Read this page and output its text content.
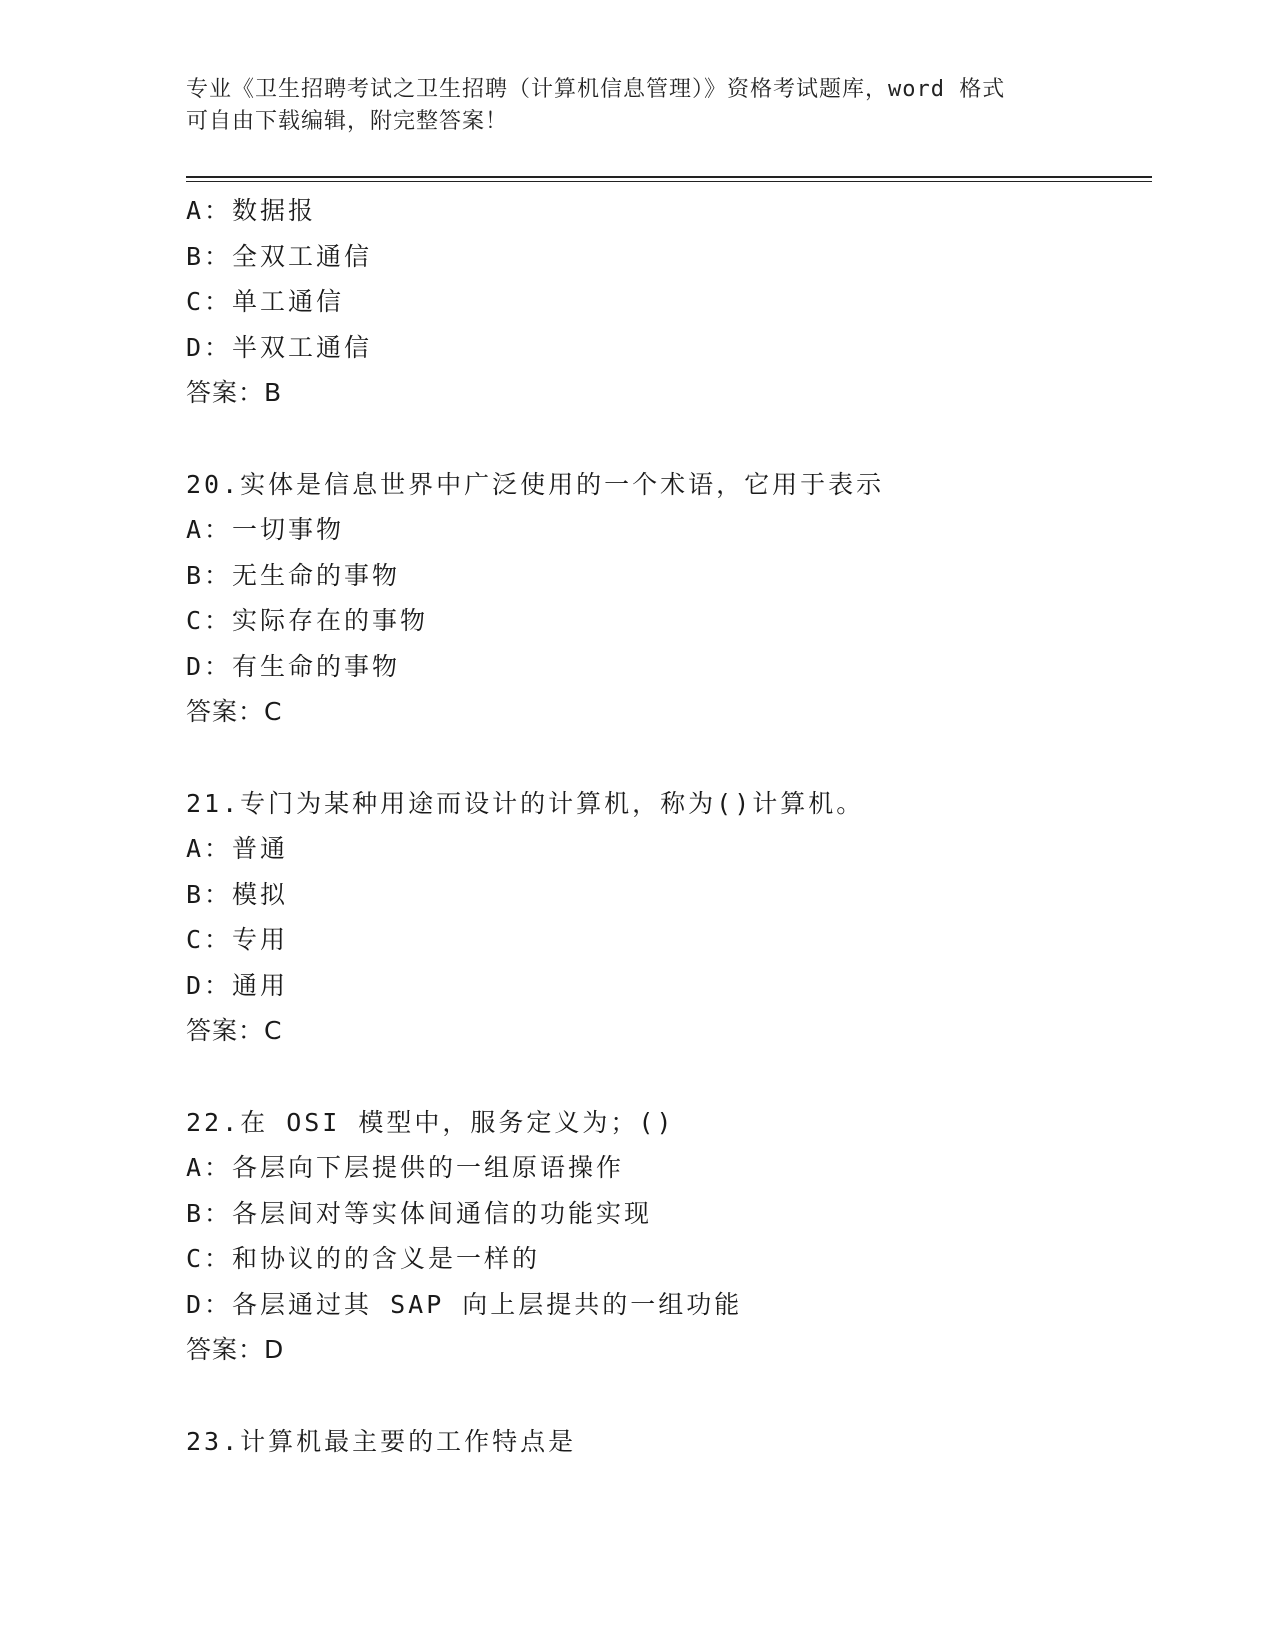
专业《卫生招聘考试之卫生招聘（计算机信息管理）》资格考试题库，word 格式
可自由下载编辑，附完整答案！
A：数据报
B：全双工通信
C：单工通信
D：半双工通信
答案：B
20.实体是信息世界中广泛使用的一个术语，它用于表示
A：一切事物
B：无生命的事物
C：实际存在的事物
D：有生命的事物
答案：C
21.专门为某种用途而设计的计算机，称为()计算机。
A：普通
B：模拟
C：专用
D：通用
答案：C
22.在 OSI 模型中，服务定义为；()
A：各层向下层提供的一组原语操作
B：各层间对等实体间通信的功能实现
C：和协议的的含义是一样的
D：各层通过其 SAP 向上层提共的一组功能
答案：D
23.计算机最主要的工作特点是
